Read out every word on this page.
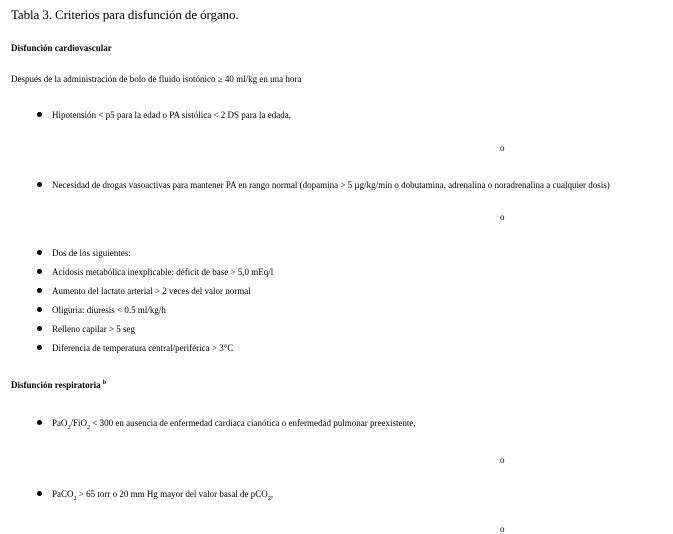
Tabla 3. Criterios para disfunción de órgano.
Disfunción cardiovascular
Después de la administración de bolo de fluido isotónico ≥ 40 ml/kg en una hora
Hipotensión < p5 para la edad o PA sistólica < 2 DS para la edada,
o
Necesidad de drogas vasoactivas para mantener PA en rango normal (dopamina > 5 µg/kg/min o dobutamina, adrenalina o noradrenalina a cualquier dosis)
o
Dos de los siguientes:
Acidosis metabólica inexplicable: déficit de base > 5,0 mEq/l
Aumento del lactato arterial > 2 veces del valor normal
Oliguria: diuresis < 0.5 ml/kg/h
Relleno capilar > 5 seg
Diferencia de temperatura central/periférica > 3°C
Disfunción respiratoria $^b$
PaO$_2$/FiO$_2$ < 300 en ausencia de enfermedad cardíaca cianótica o enfermedad pulmonar preexistente,
o
PaCO$_2$ > 65 torr o 20 mm Hg mayor del valor basal de pCO$_2$,
o
